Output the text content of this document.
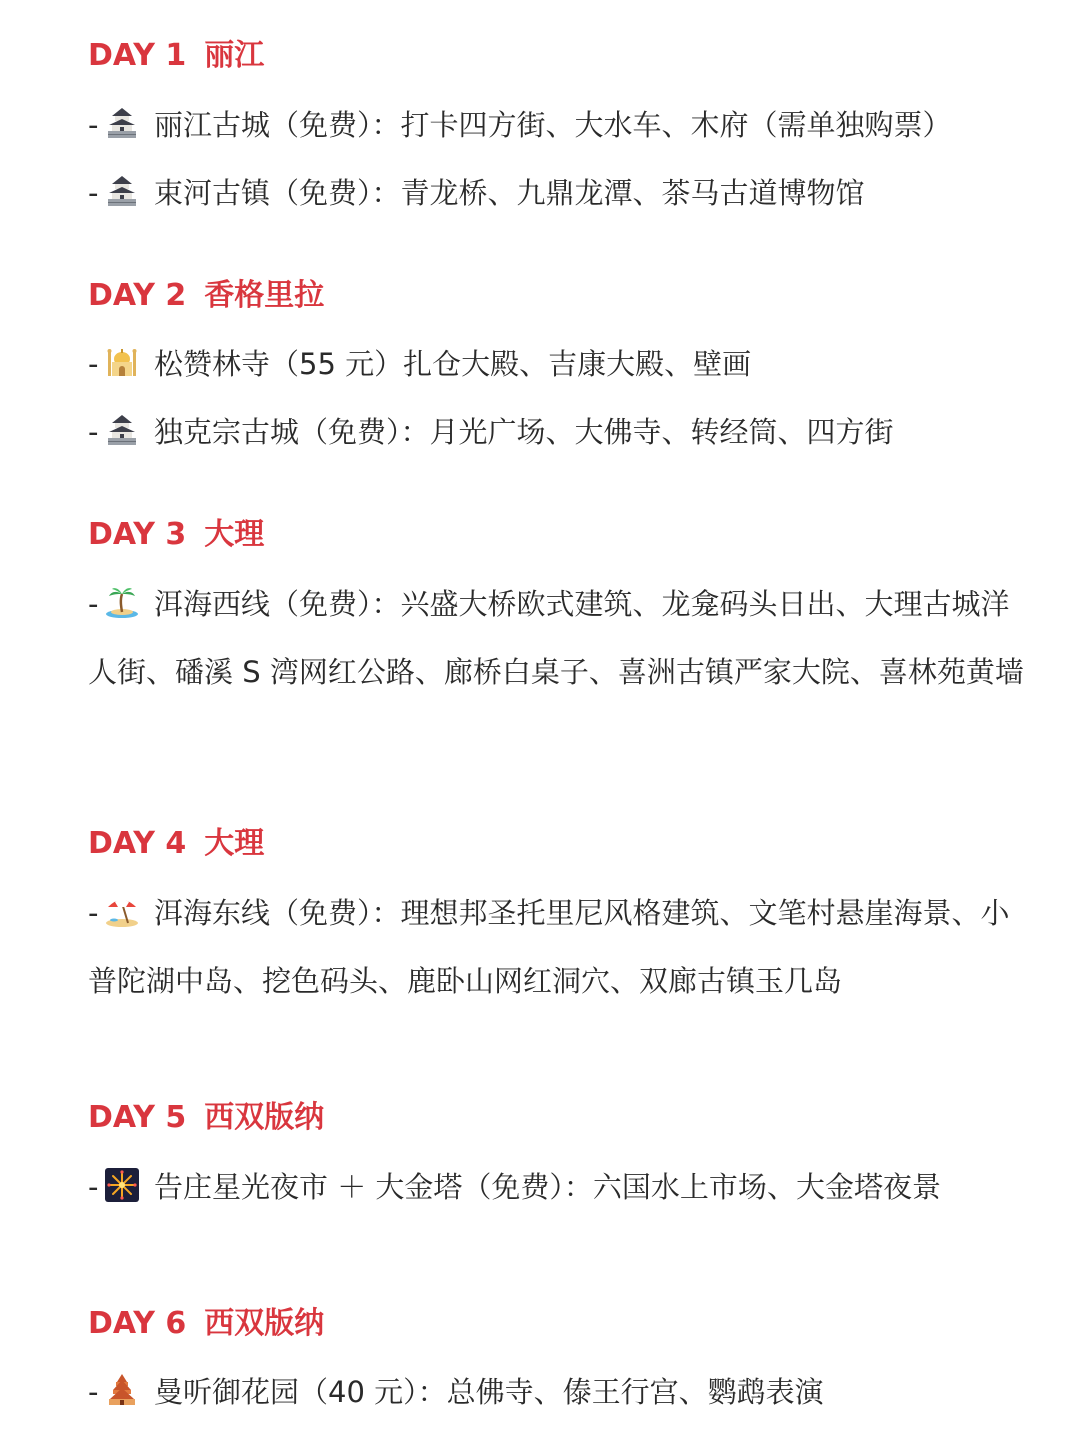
DAY 1 丽江
- 丽江古城（免费）：打卡四方街、大水车、木府（需单独购票）
- 束河古镇（免费）：青龙桥、九鼎龙潭、茶马古道博物馆
DAY 2 香格里拉
- 松赞林寺（55 元）扎仓大殿、吉康大殿、壁画
- 独克宗古城（免费）：月光广场、大佛寺、转经筒、四方街
DAY 3 大理
- 洱海西线（免费）：兴盛大桥欧式建筑、龙龛码头日出、大理古城洋人街、磻溪 S 湾网红公路、廊桥白桌子、喜洲古镇严家大院、喜林苑黄墙
DAY 4 大理
- 洱海东线（免费）：理想邦圣托里尼风格建筑、文笔村悬崖海景、小普陀湖中岛、挖色码头、鹿卧山网红洞穴、双廊古镇玉几岛
DAY 5 西双版纳
- 告庄星光夜市 ＋ 大金塔（免费）：六国水上市场、大金塔夜景
DAY 6 西双版纳
- 曼听御花园（40 元）：总佛寺、傣王行宫、鹦鹉表演
